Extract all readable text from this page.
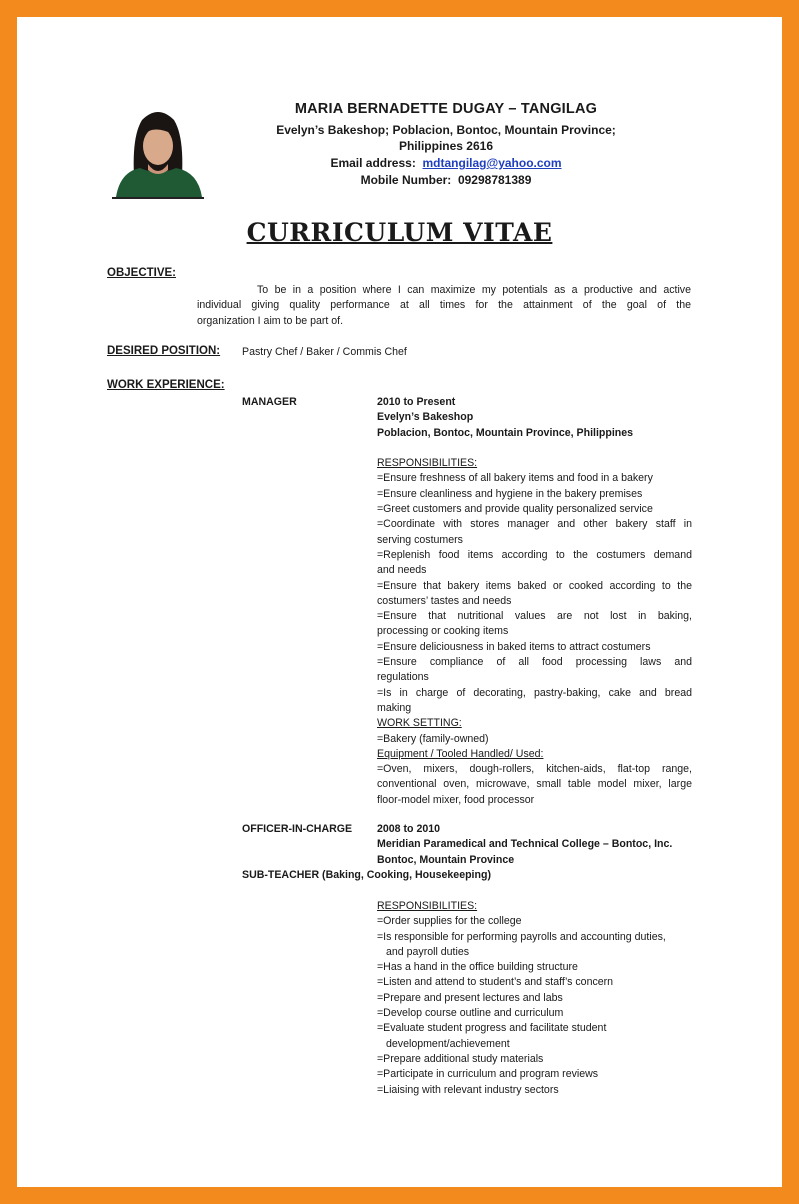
MARIA BERNADETTE DUGAY – TANGILAG
Evelyn’s Bakeshop; Poblacion, Bontoc, Mountain Province;
Philippines 2616
Email address: mdtangilag@yahoo.com
Mobile Number: 09298781389
CURRICULUM VITAE
OBJECTIVE:
To be in a position where I can maximize my potentials as a productive and active
individual giving quality performance at all times for the attainment of the goal of the
organization I aim to be part of.
DESIRED POSITION: Pastry Chef / Baker / Commis Chef
WORK EXPERIENCE:
MANAGER	2010 to Present
Evelyn’s Bakeshop
Poblacion, Bontoc, Mountain Province, Philippines
RESPONSIBILITIES:
=Ensure freshness of all bakery items and food in a bakery
=Ensure cleanliness and hygiene in the bakery premises
=Greet customers and provide quality personalized service
=Coordinate with stores manager and other bakery staff in
serving costumers
=Replenish food items according to the costumers demand
and needs
=Ensure that bakery items baked or cooked according to the
costumers’ tastes and needs
=Ensure that nutritional values are not lost in baking,
processing or cooking items
=Ensure deliciousness in baked items to attract costumers
=Ensure compliance of all food processing laws and
regulations
=Is in charge of decorating, pastry-baking, cake and bread
making
WORK SETTING:
=Bakery (family-owned)
Equipment / Tooled Handled/ Used:
=Oven, mixers, dough-rollers, kitchen-aids, flat-top range,
conventional oven, microwave, small table model mixer, large
floor-model mixer, food processor
OFFICER-IN-CHARGE 2008 to 2010
Meridian Paramedical and Technical College – Bontoc, Inc.
Bontoc, Mountain Province
SUB-TEACHER (Baking, Cooking, Housekeeping)
RESPONSIBILITIES:
=Order supplies for the college
=Is responsible for performing payrolls and accounting duties,
and payroll duties
=Has a hand in the office building structure
=Listen and attend to student’s and staff’s concern
=Prepare and present lectures and labs
=Develop course outline and curriculum
=Evaluate student progress and facilitate student
development/achievement
=Prepare additional study materials
=Participate in curriculum and program reviews
=Liaising with relevant industry sectors
